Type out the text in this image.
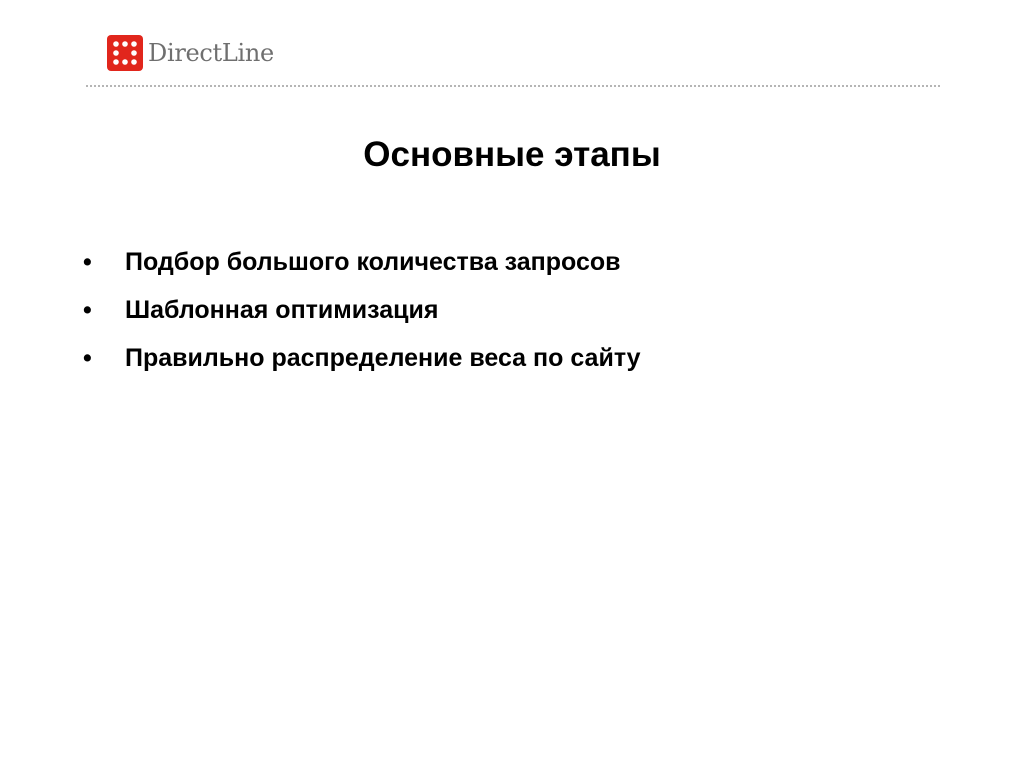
DirectLine
Основные этапы
•	Подбор большого количества запросов
•	Шаблонная оптимизация
•	Правильно распределение веса по сайту
